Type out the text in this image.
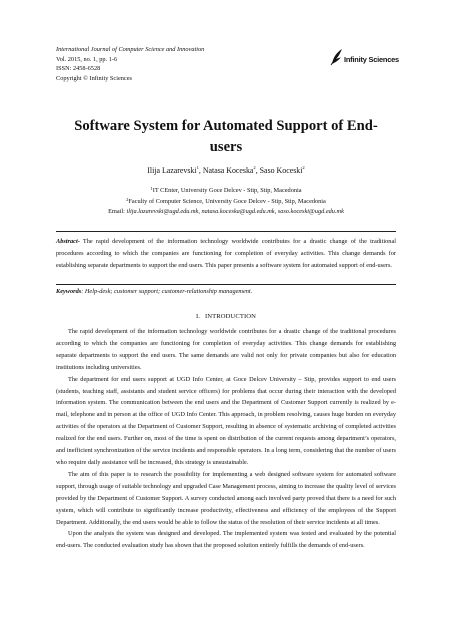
International Journal of Computer Science and Innovation
Vol. 2015, no. 1, pp. 1-6
ISSN: 2458-6528
Copyright © Infinity Sciences
Infinity Sciences
Software System for Automated Support of End-users
Ilija Lazarevski$^1$, Natasa Koceska$^2$, Saso Koceski$^2$
$^1$IT CEnter, University Goce Delcev - Stip, Stip, Macedonia
$^2$Faculty of Computer Science, University Goce Delcev - Stip, Stip, Macedonia
Email: ilija.lazarevski@ugd.edu.mk, natasa.koceska@ugd.edu.mk, saso.koceski@ugd.edu.mk
Abstract- The rapid development of the information technology worldwide contributes for a drastic change of the traditional procedures according to which the companies are functioning for completion of everyday activities. This change demands for establishing separate departments to support the end users. This paper presents a software system for automated support of end-users.
Keywords: Help-desk; customer support; customer-relationship management.
I. INTRODUCTION

The rapid development of the information technology worldwide contributes for a drastic change of the traditional procedures according to which the companies are functioning for completion of everyday activities. This change demands for establishing separate departments to support the end users. The same demands are valid not only for private companies but also for education institutions including universities.

The department for end users support at UGD Info Center, at Goce Delcev University – Stip, provides support to end users (students, teaching staff, assistants and student service officers) for problems that occur during their interaction with the developed information system. The communication between the end users and the Department of Customer Support currently is realized by e-mail, telephone and in person at the office of UGD Info Center. This approach, in problem resolving, causes huge burden on everyday activities of the operators at the Department of Customer Support, resulting in absence of systematic archiving of completed activities realized for the end users. Further on, most of the time is spent on distribution of the current requests among department’s operators, and inefficient synchronization of the service incidents and responsible operators. In a long term, considering that the number of users who require daily assistance will be increased, this strategy is unsustainable.

The aim of this paper is to research the possibility for implementing a web designed software system for automated software support, through usage of suitable technology and upgraded Case Management process, aiming to increase the quality level of services provided by the Department of Customer Support. A survey conducted among each involved party proved that there is a need for such system, which will contribute to significantly increase productivity, effectiveness and efficiency of the employees of the Support Department. Additionally, the end users would be able to follow the status of the resolution of their service incidents at all times.

Upon the analysis the system was designed and developed. The implemented system was tested and evaluated by the potential end-users. The conducted evaluation study has shown that the proposed solution entirely fulfills the demands of end-users.
